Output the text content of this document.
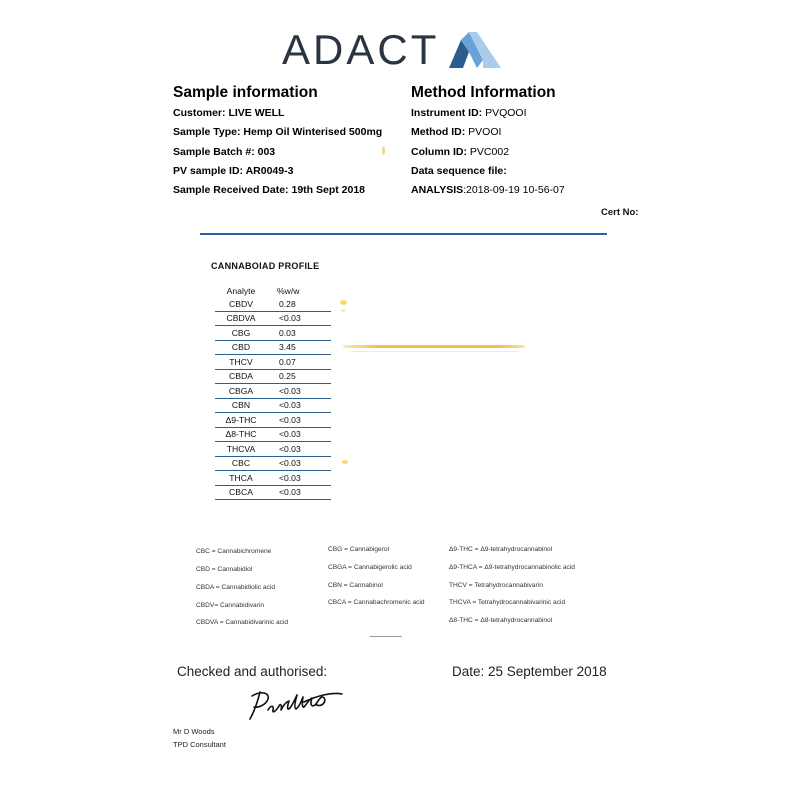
ADACT
Sample information
Customer: LIVE WELL
Sample Type: Hemp Oil Winterised 500mg
Sample Batch #: 003
PV sample ID: AR0049-3
Sample Received Date: 19th Sept 2018
Method Information
Instrument ID: PVQOOI
Method ID: PVOOI
Column ID: PVC002
Data sequence file:
ANALYSIS:2018-09-19 10-56-07
Cert No:
CANNABOIAD PROFILE
Analyte	%w/w
CBDV	0.28
CBDVA	<0.03
CBG	0.03
CBD	3.45
THCV	0.07
CBDA	0.25
CBGA	<0.03
CBN	<0.03
Δ9-THC	<0.03
Δ8-THC	<0.03
THCVA	<0.03
CBC	<0.03
THCA	<0.03
CBCA	<0.03
CBC = Cannabichromene
CBD = Cannabidiol
CBDA = Cannabidiolic acid
CBDV= Cannabidivarin
CBDVA = Cannabidivarinic acid
CBG = Cannabigerol
CBGA = Cannabigerolic acid
CBN = Cannabinol
CBCA = Cannabachromenic acid
Δ9-THC = Δ9-tetrahydrocannabinol
Δ9-THCA = Δ9-tetrahydrocannabinolic acid
THCV = Tetrahydrocannabivarin
THCVA = Tetrahydrocannabivarinic acid
Δ8-THC = Δ8-tetrahydrocannabinol
Checked and authorised:	Date: 25 September 2018
Mr D Woods
TPD Consultant
